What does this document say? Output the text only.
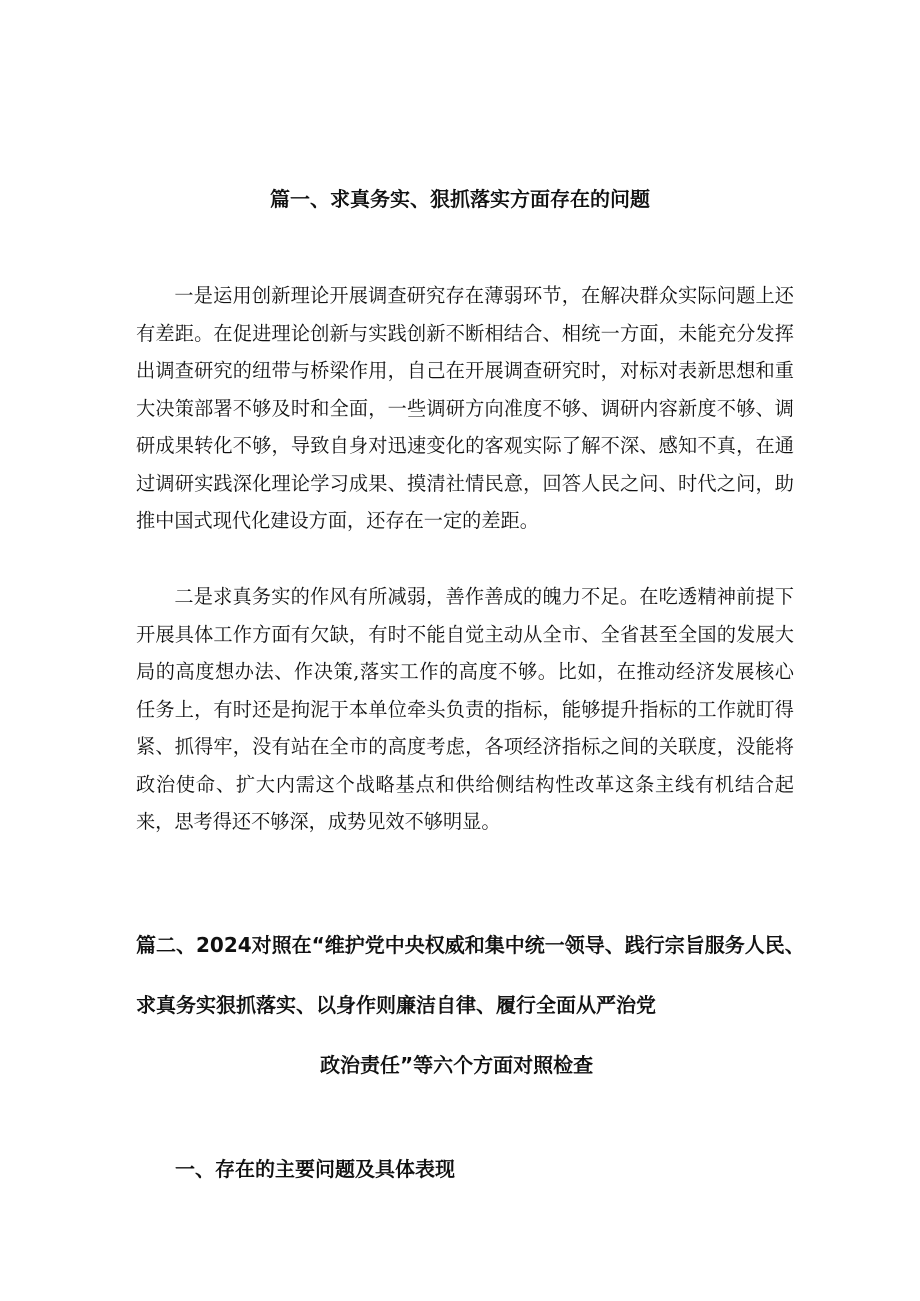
篇一、求真务实、狠抓落实方面存在的问题

一是运用创新理论开展调查研究存在薄弱环节，在解决群众实际问题上还有差距。在促进理论创新与实践创新不断相结合、相统一方面，未能充分发挥出调查研究的纽带与桥梁作用，自己在开展调查研究时，对标对表新思想和重大决策部署不够及时和全面，一些调研方向准度不够、调研内容新度不够、调研成果转化不够，导致自身对迅速变化的客观实际了解不深、感知不真，在通过调研实践深化理论学习成果、摸清社情民意，回答人民之问、时代之问，助推中国式现代化建设方面，还存在一定的差距。

二是求真务实的作风有所减弱，善作善成的魄力不足。在吃透精神前提下开展具体工作方面有欠缺，有时不能自觉主动从全市、全省甚至全国的发展大局的高度想办法、作决策,落实工作的高度不够。比如，在推动经济发展核心任务上，有时还是拘泥于本单位牵头负责的指标，能够提升指标的工作就盯得紧、抓得牢，没有站在全市的高度考虑，各项经济指标之间的关联度，没能将政治使命、扩大内需这个战略基点和供给侧结构性改革这条主线有机结合起来，思考得还不够深，成势见效不够明显。

篇二、2024对照在“维护党中央权威和集中统一领导、践行宗旨服务人民、
求真务实狠抓落实、以身作则廉洁自律、履行全面从严治党
政治责任”等六个方面对照检查
一、存在的主要问题及具体表现
